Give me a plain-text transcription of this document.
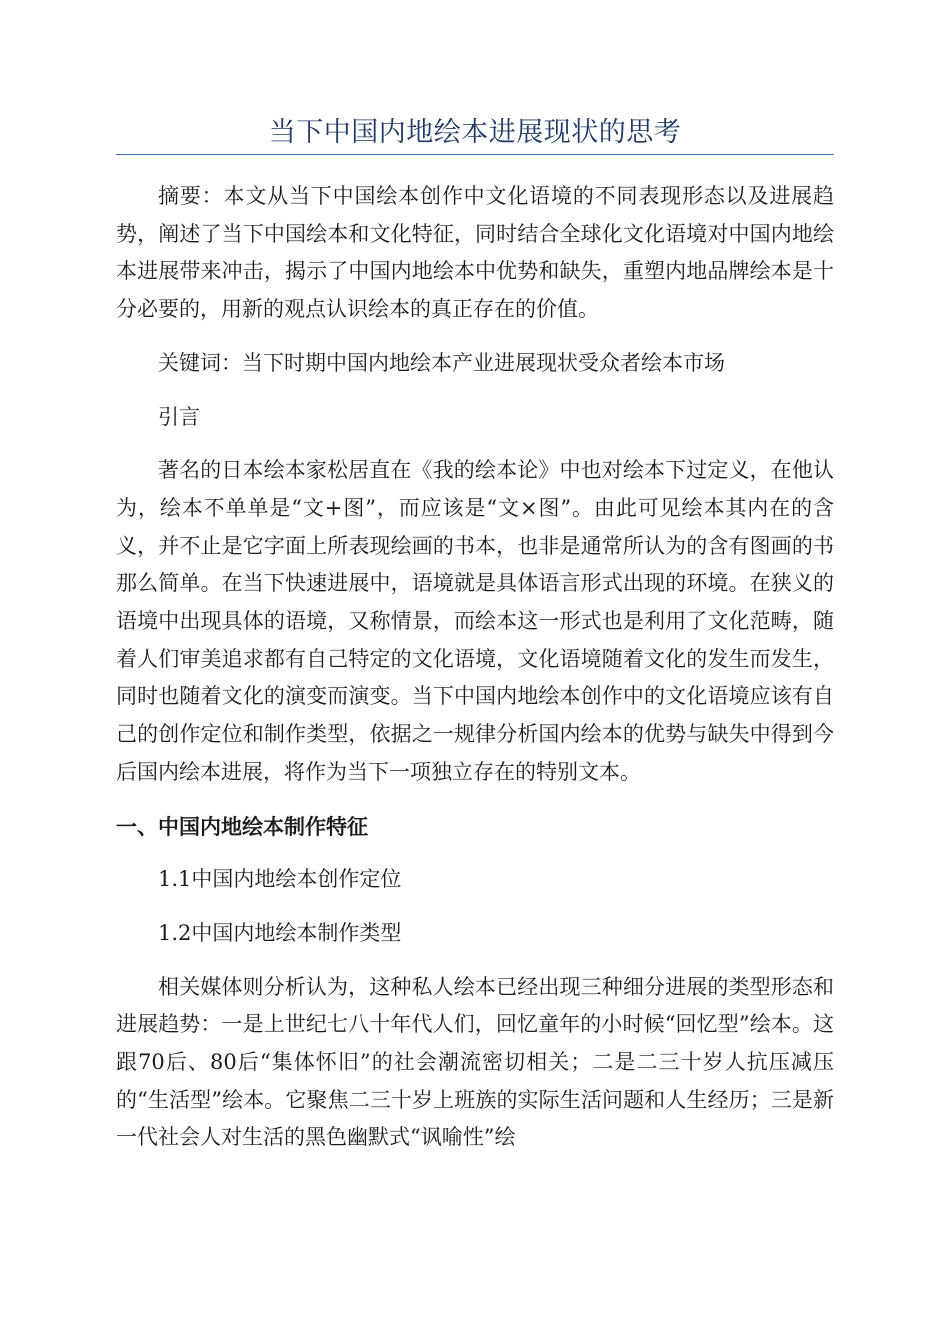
当下中国内地绘本进展现状的思考

摘要：本文从当下中国绘本创作中文化语境的不同表现形态以及进展趋势，阐述了当下中国绘本和文化特征，同时结合全球化文化语境对中国内地绘本进展带来冲击，揭示了中国内地绘本中优势和缺失，重塑内地品牌绘本是十分必要的，用新的观点认识绘本的真正存在的价值。

关键词：当下时期中国内地绘本产业进展现状受众者绘本市场

引言

著名的日本绘本家松居直在《我的绘本论》中也对绘本下过定义，在他认为，绘本不单单是“文+图”，而应该是“文×图”。由此可见绘本其内在的含义，并不止是它字面上所表现绘画的书本，也非是通常所认为的含有图画的书那么简单。在当下快速进展中，语境就是具体语言形式出现的环境。在狭义的语境中出现具体的语境，又称情景，而绘本这一形式也是利用了文化范畴，随着人们审美追求都有自己特定的文化语境，文化语境随着文化的发生而发生，同时也随着文化的演变而演变。当下中国内地绘本创作中的文化语境应该有自己的创作定位和制作类型，依据之一规律分析国内绘本的优势与缺失中得到今后国内绘本进展，将作为当下一项独立存在的特别文本。

一、中国内地绘本制作特征

1.1中国内地绘本创作定位

1.2中国内地绘本制作类型

相关媒体则分析认为，这种私人绘本已经出现三种细分进展的类型形态和进展趋势：一是上世纪七八十年代人们，回忆童年的小时候“回忆型”绘本。这跟70后、80后“集体怀旧”的社会潮流密切相关；二是二三十岁人抗压减压的“生活型”绘本。它聚焦二三十岁上班族的实际生活问题和人生经历；三是新一代社会人对生活的黑色幽默式“讽喻性”绘
